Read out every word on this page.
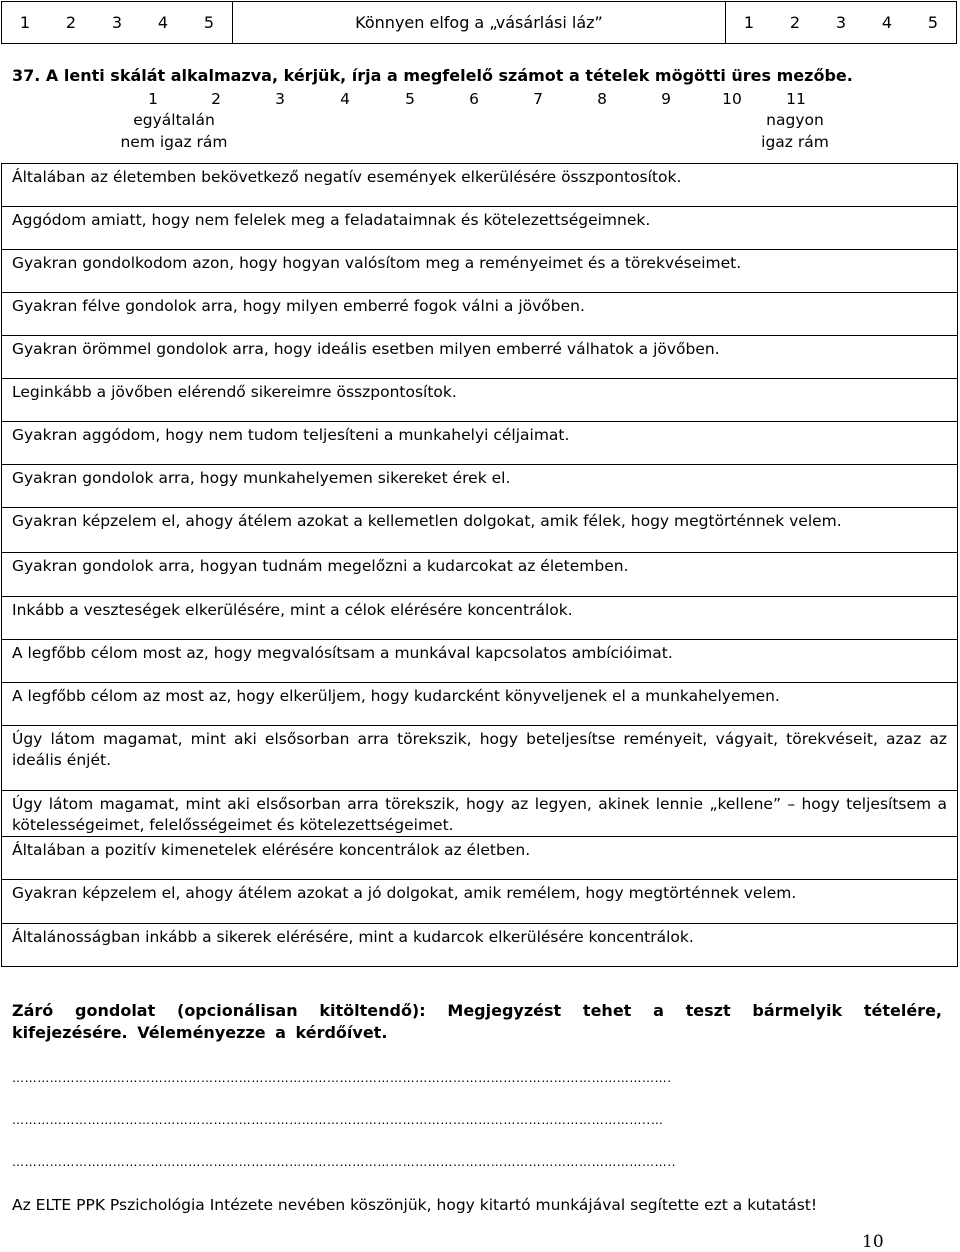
1 2 3 4 5	Könnyen elfog a „vásárlási láz”	1 2 3 4 5
37. A lenti skálát alkalmazva, kérjük, írja a megfelelő számot a tételek mögötti üres mezőbe.
1	2	3	4	5	6	7	8	9	10	11
egyáltalán
nem igaz rám
nagyon
igaz rám
Általában az életemben bekövetkező negatív események elkerülésére összpontosítok.
Aggódom amiatt, hogy nem felelek meg a feladataimnak és kötelezettségeimnek.
Gyakran gondolkodom azon, hogy hogyan valósítom meg a reményeimet és a törekvéseimet.
Gyakran félve gondolok arra, hogy milyen emberré fogok válni a jövőben.
Gyakran örömmel gondolok arra, hogy ideális esetben milyen emberré válhatok a jövőben.
Leginkább a jövőben elérendő sikereimre összpontosítok.
Gyakran aggódom, hogy nem tudom teljesíteni a munkahelyi céljaimat.
Gyakran gondolok arra, hogy munkahelyemen sikereket érek el.
Gyakran képzelem el, ahogy átélem azokat a kellemetlen dolgokat, amik félek, hogy megtörténnek velem.
Gyakran gondolok arra, hogyan tudnám megelőzni a kudarcokat az életemben.
Inkább a veszteségek elkerülésére, mint a célok elérésére koncentrálok.
A legfőbb célom most az, hogy megvalósítsam a munkával kapcsolatos ambícióimat.
A legfőbb célom az most az, hogy elkerüljem, hogy kudarcként könyveljenek el a munkahelyemen.
Úgy látom magamat, mint aki elsősorban arra törekszik, hogy beteljesítse reményeit, vágyait, törekvéseit, azaz az ideális énjét.
Úgy látom magamat, mint aki elsősorban arra törekszik, hogy az legyen, akinek lennie „kellene” – hogy teljesítsem a kötelességeimet, felelősségeimet és kötelezettségeimet.
Általában a pozitív kimenetelek elérésére koncentrálok az életben.
Gyakran képzelem el, ahogy átélem azokat a jó dolgokat, amik remélem, hogy megtörténnek velem.
Általánosságban inkább a sikerek elérésére, mint a kudarcok elkerülésére koncentrálok.
Záró gondolat (opcionálisan kitöltendő): Megjegyzést tehet a teszt bármelyik tételére, kifejezésére. Véleményezze a kérdőívet.
………………………………………………………………………………………………………………………………………….
……………………………………………………………………………………………………………………………………..…
…………………………………………………………………………………………………………………………………………..
Az ELTE PPK Pszichológia Intézete nevében köszönjük, hogy kitartó munkájával segítette ezt a kutatást!
10
